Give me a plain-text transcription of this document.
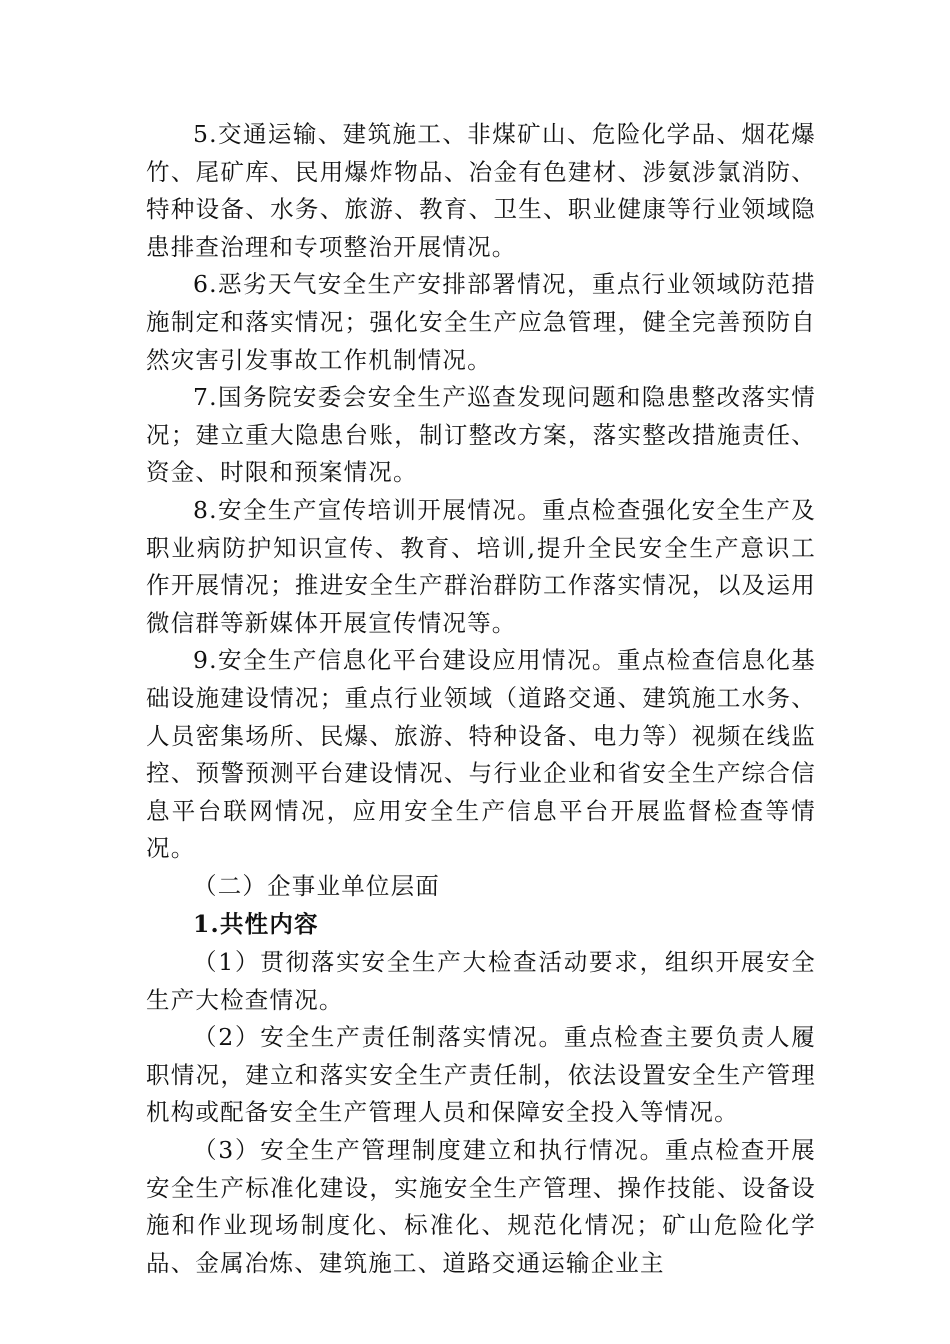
5.交通运输、建筑施工、非煤矿山、危险化学品、烟花爆竹、尾矿库、民用爆炸物品、冶金有色建材、涉氨涉氯消防、特种设备、水务、旅游、教育、卫生、职业健康等行业领域隐患排查治理和专项整治开展情况。

6.恶劣天气安全生产安排部署情况，重点行业领域防范措施制定和落实情况；强化安全生产应急管理，健全完善预防自然灾害引发事故工作机制情况。

7.国务院安委会安全生产巡查发现问题和隐患整改落实情况；建立重大隐患台账，制订整改方案，落实整改措施责任、资金、时限和预案情况。

8.安全生产宣传培训开展情况。重点检查强化安全生产及职业病防护知识宣传、教育、培训,提升全民安全生产意识工作开展情况；推进安全生产群治群防工作落实情况，以及运用微信群等新媒体开展宣传情况等。

9.安全生产信息化平台建设应用情况。重点检查信息化基础设施建设情况；重点行业领域（道路交通、建筑施工水务、人员密集场所、民爆、旅游、特种设备、电力等）视频在线监控、预警预测平台建设情况、与行业企业和省安全生产综合信息平台联网情况，应用安全生产信息平台开展监督检查等情况。

（二）企事业单位层面

1.共性内容

（1）贯彻落实安全生产大检查活动要求，组织开展安全生产大检查情况。

（2）安全生产责任制落实情况。重点检查主要负责人履职情况，建立和落实安全生产责任制，依法设置安全生产管理机构或配备安全生产管理人员和保障安全投入等情况。

（3）安全生产管理制度建立和执行情况。重点检查开展安全生产标准化建设，实施安全生产管理、操作技能、设备设施和作业现场制度化、标准化、规范化情况；矿山危险化学品、金属冶炼、建筑施工、道路交通运输企业主
